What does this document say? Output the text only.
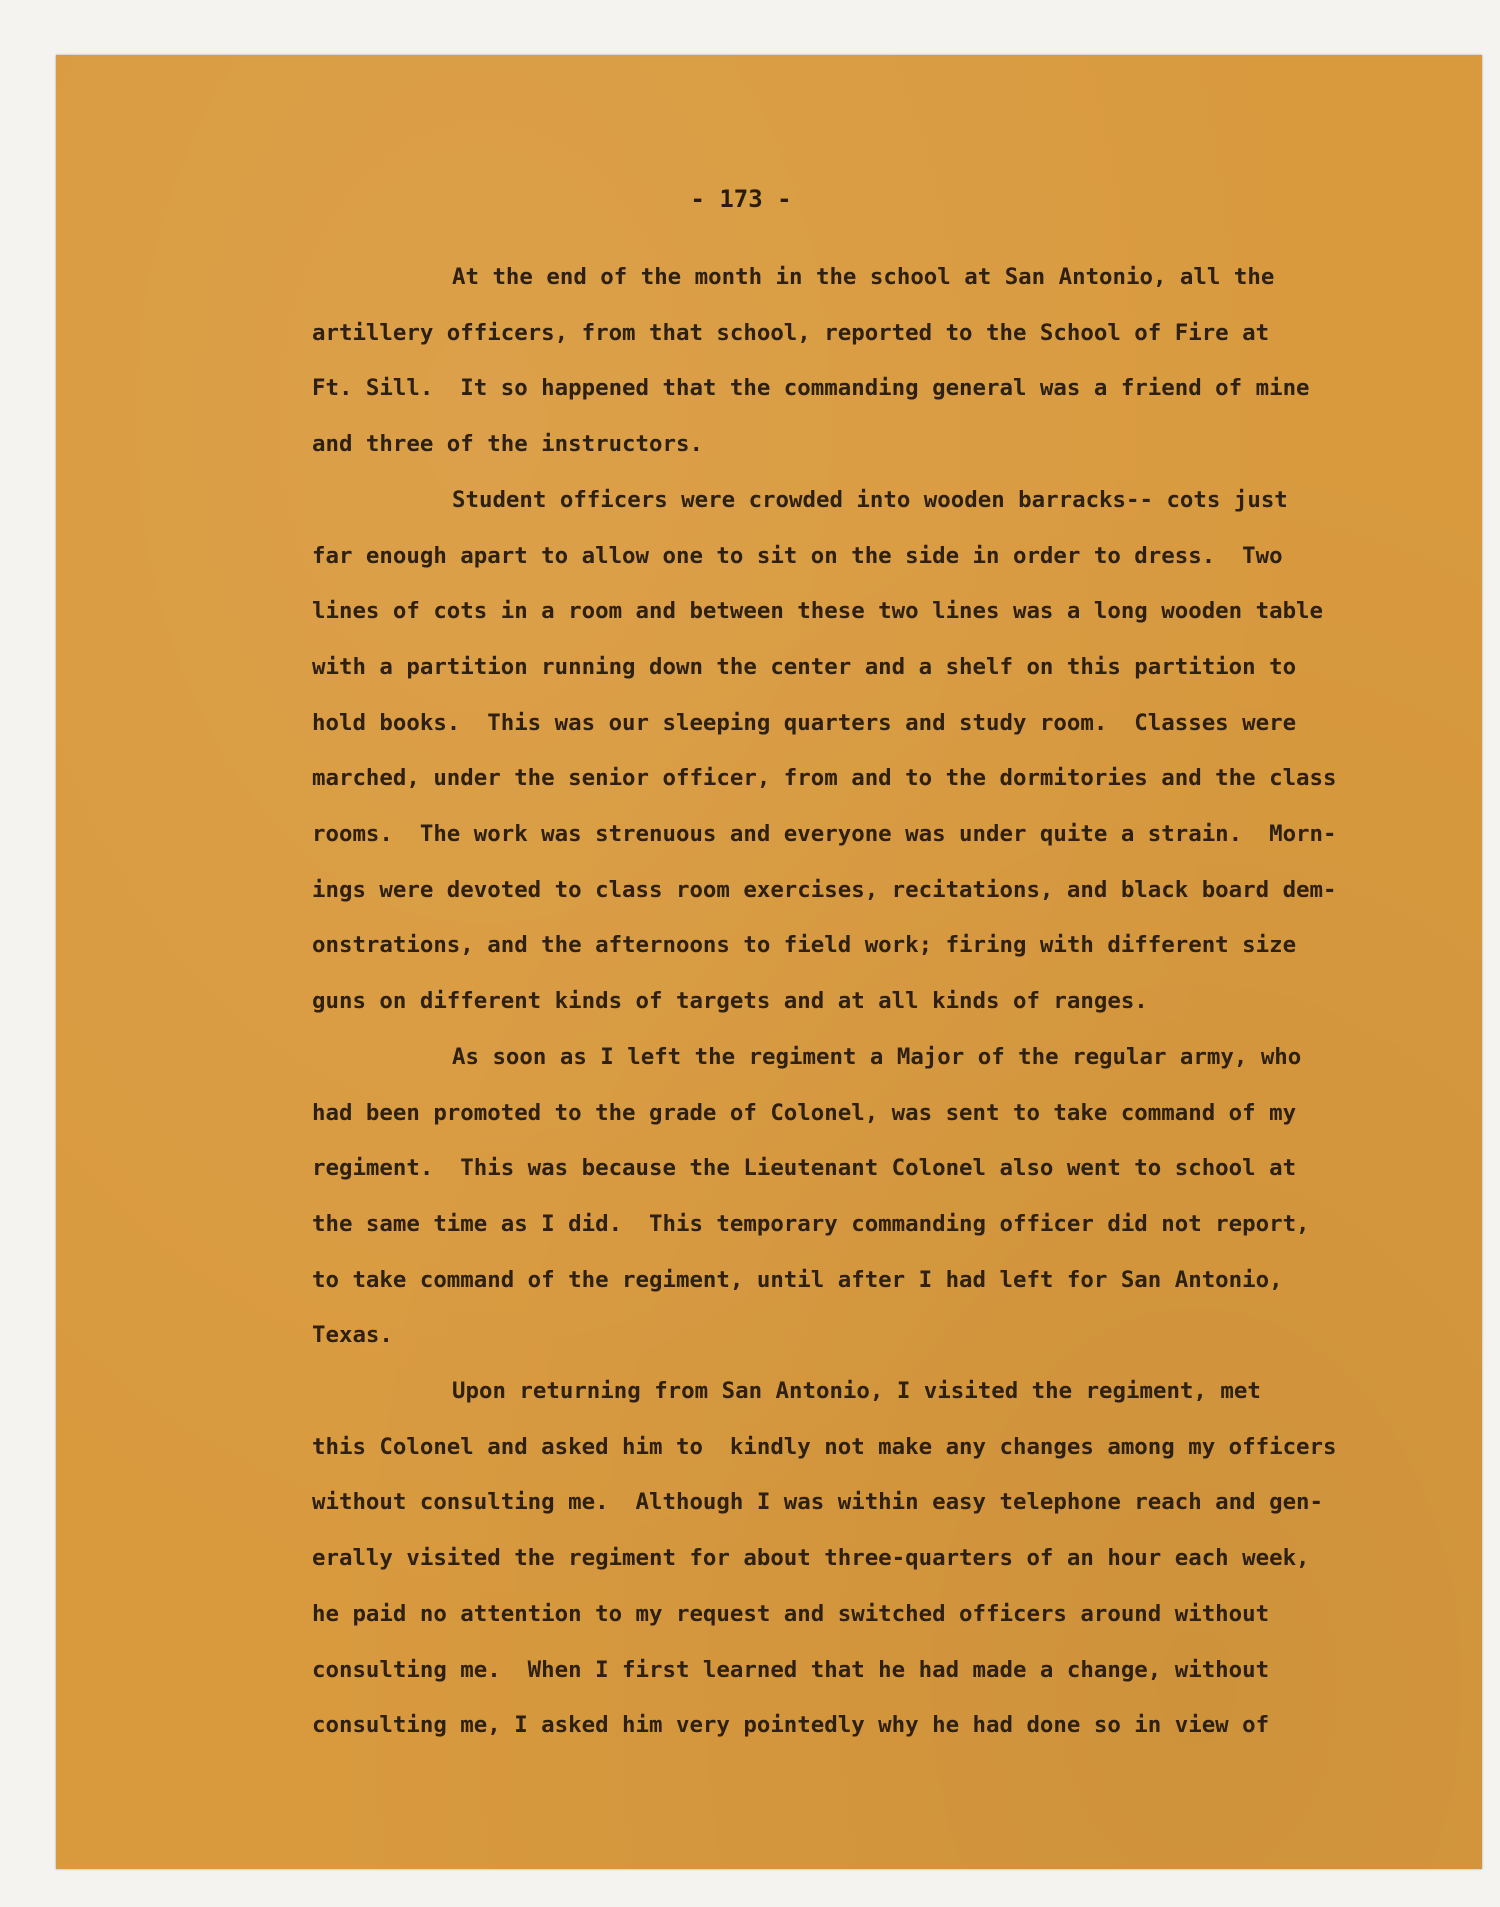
- 173 -
At the end of the month in the school at San Antonio, all the
artillery officers, from that school, reported to the School of Fire at
Ft. Sill.  It so happened that the commanding general was a friend of mine
and three of the instructors.
Student officers were crowded into wooden barracks-- cots just
far enough apart to allow one to sit on the side in order to dress.  Two
lines of cots in a room and between these two lines was a long wooden table
with a partition running down the center and a shelf on this partition to
hold books.  This was our sleeping quarters and study room.  Classes were
marched, under the senior officer, from and to the dormitories and the class
rooms.  The work was strenuous and everyone was under quite a strain.  Morn-
ings were devoted to class room exercises, recitations, and black board dem-
onstrations, and the afternoons to field work; firing with different size
guns on different kinds of targets and at all kinds of ranges.
As soon as I left the regiment a Major of the regular army, who
had been promoted to the grade of Colonel, was sent to take command of my
regiment.  This was because the Lieutenant Colonel also went to school at
the same time as I did.  This temporary commanding officer did not report,
to take command of the regiment, until after I had left for San Antonio,
Texas.
Upon returning from San Antonio, I visited the regiment, met
this Colonel and asked him to  kindly not make any changes among my officers
without consulting me.  Although I was within easy telephone reach and gen-
erally visited the regiment for about three-quarters of an hour each week,
he paid no attention to my request and switched officers around without
consulting me.  When I first learned that he had made a change, without
consulting me, I asked him very pointedly why he had done so in view of
